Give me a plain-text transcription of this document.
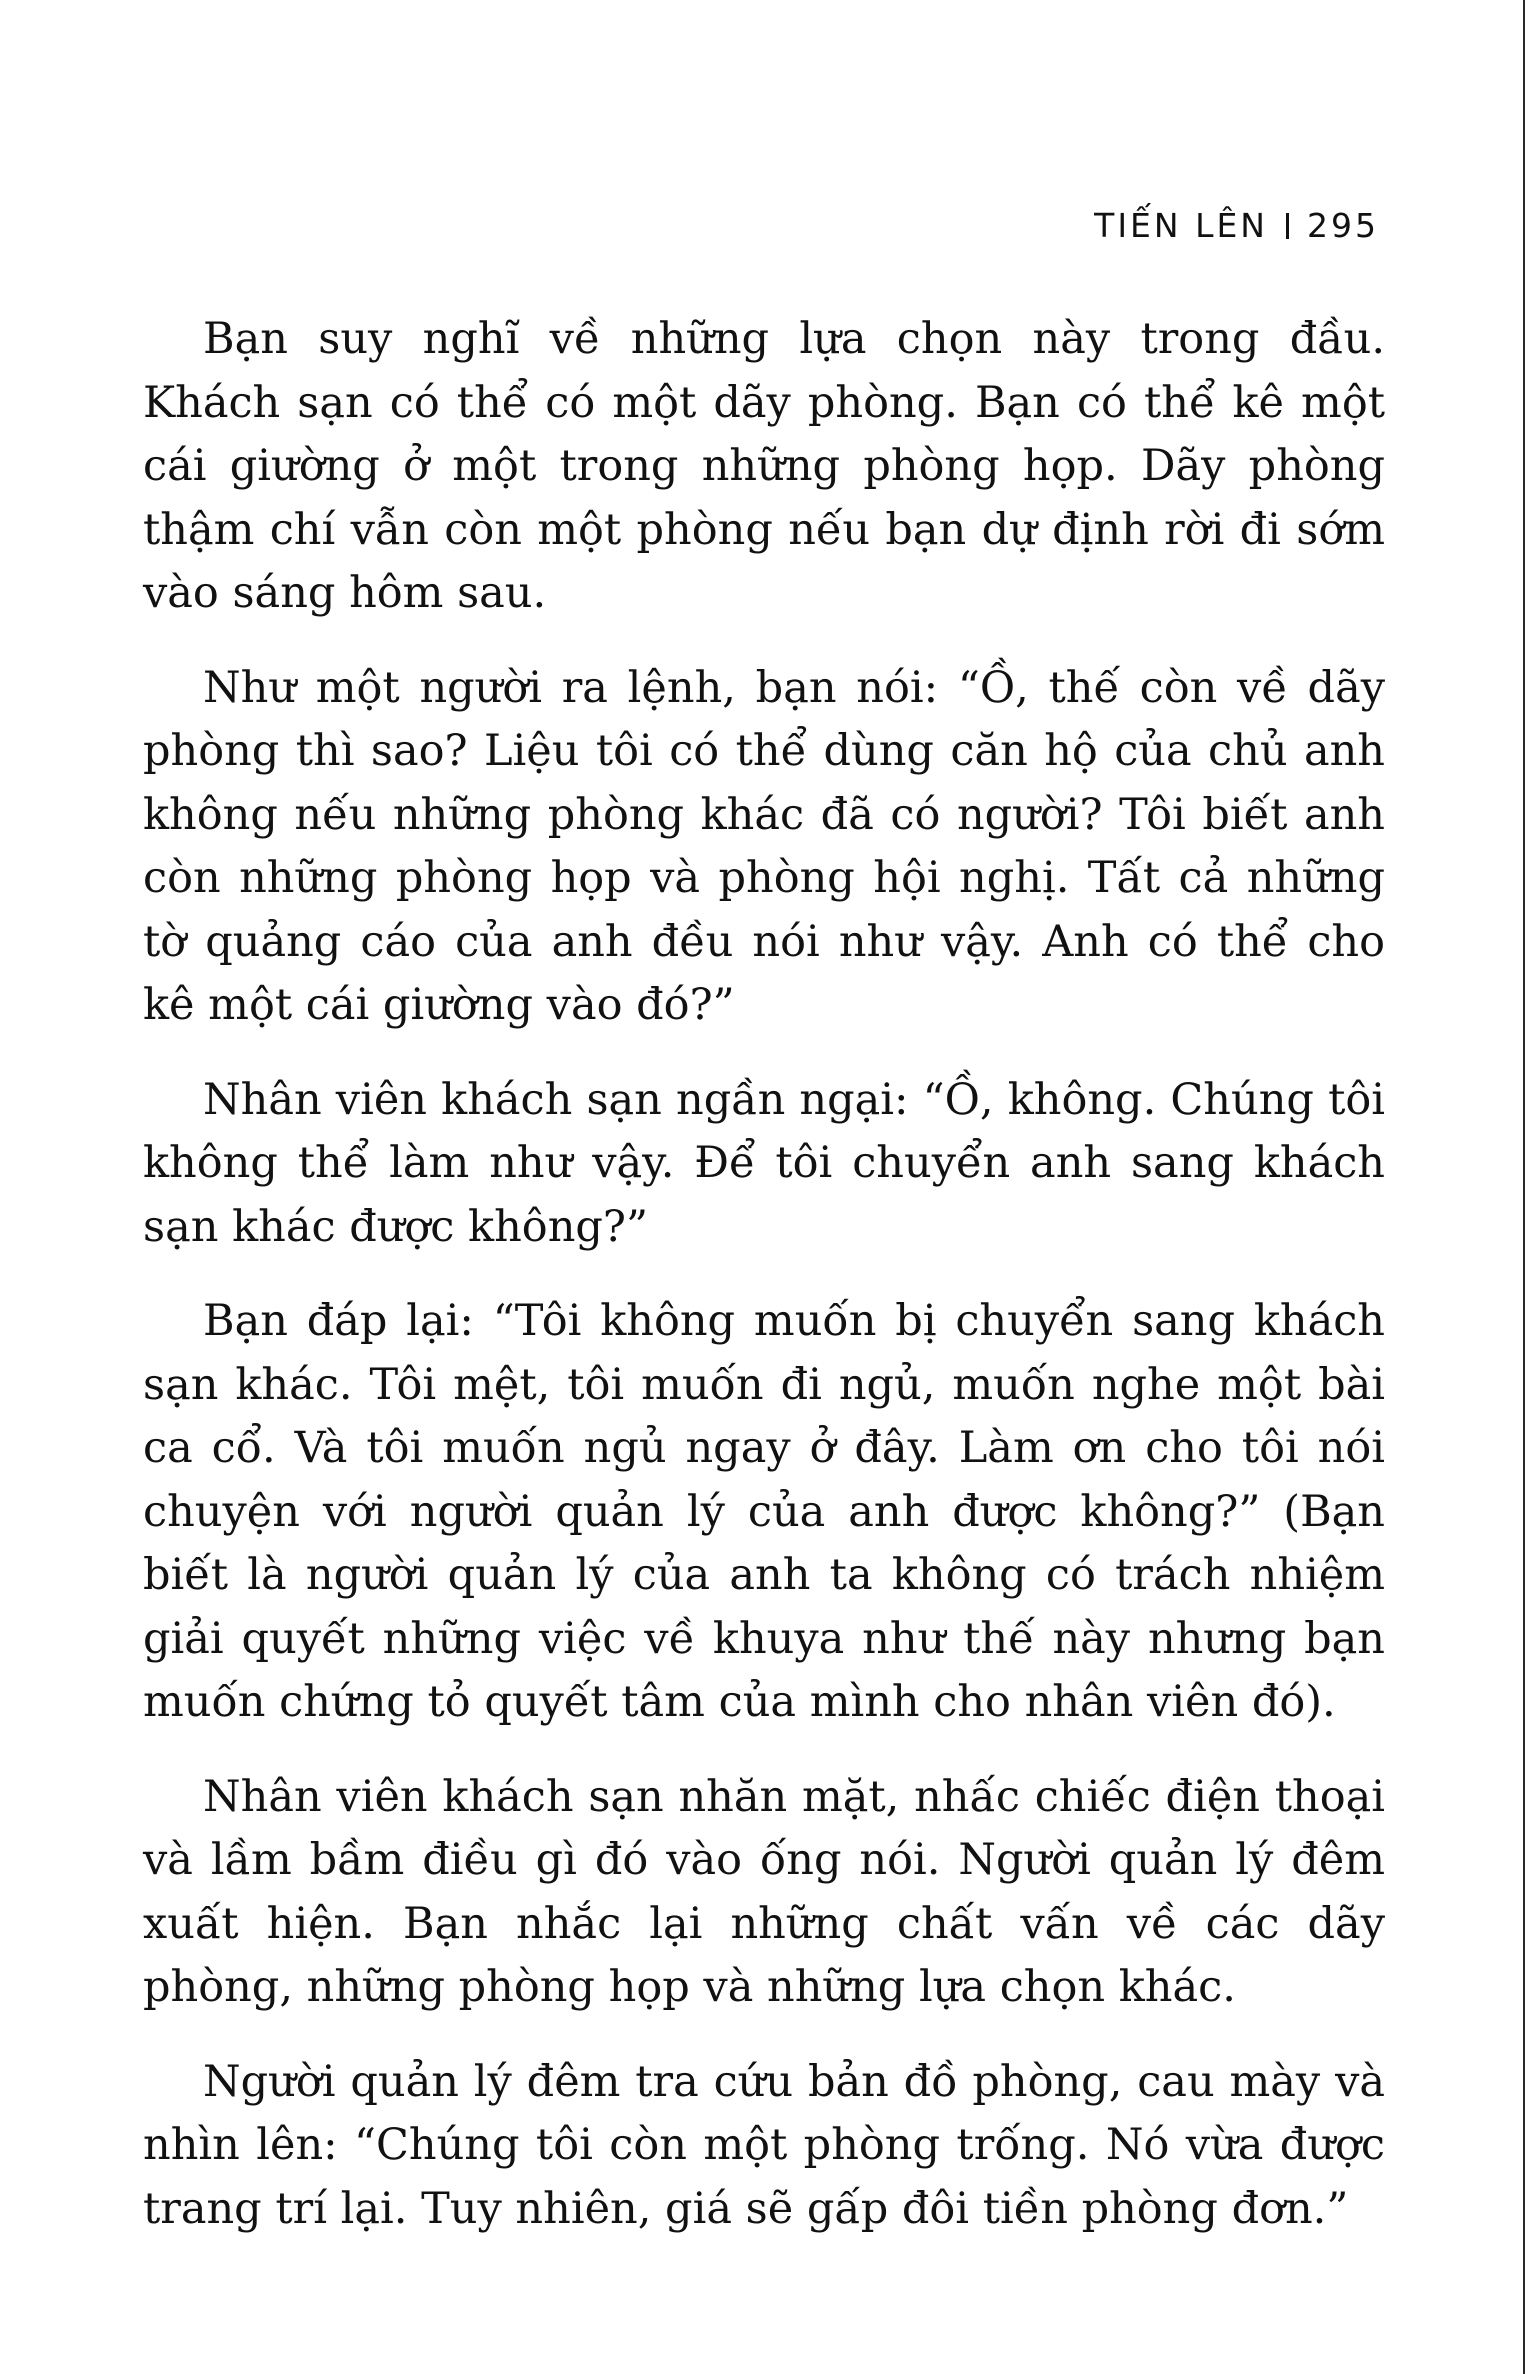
TIẾN LÊN 295

Bạn suy nghĩ về những lựa chọn này trong đầu. Khách sạn có thể có một dãy phòng. Bạn có thể kê một cái giường ở một trong những phòng họp. Dãy phòng thậm chí vẫn còn một phòng nếu bạn dự định rời đi sớm vào sáng hôm sau.

Như một người ra lệnh, bạn nói: “Ồ, thế còn về dãy phòng thì sao? Liệu tôi có thể dùng căn hộ của chủ anh không nếu những phòng khác đã có người? Tôi biết anh còn những phòng họp và phòng hội nghị. Tất cả những tờ quảng cáo của anh đều nói như vậy. Anh có thể cho kê một cái giường vào đó?”

Nhân viên khách sạn ngần ngại: “Ồ, không. Chúng tôi không thể làm như vậy. Để tôi chuyển anh sang khách sạn khác được không?”

Bạn đáp lại: “Tôi không muốn bị chuyển sang khách sạn khác. Tôi mệt, tôi muốn đi ngủ, muốn nghe một bài ca cổ. Và tôi muốn ngủ ngay ở đây. Làm ơn cho tôi nói chuyện với người quản lý của anh được không?” (Bạn biết là người quản lý của anh ta không có trách nhiệm giải quyết những việc về khuya như thế này nhưng bạn muốn chứng tỏ quyết tâm của mình cho nhân viên đó).

Nhân viên khách sạn nhăn mặt, nhấc chiếc điện thoại và lầm bầm điều gì đó vào ống nói. Người quản lý đêm xuất hiện. Bạn nhắc lại những chất vấn về các dãy phòng, những phòng họp và những lựa chọn khác.

Người quản lý đêm tra cứu bản đồ phòng, cau mày và nhìn lên: “Chúng tôi còn một phòng trống. Nó vừa được trang trí lại. Tuy nhiên, giá sẽ gấp đôi tiền phòng đơn.”
